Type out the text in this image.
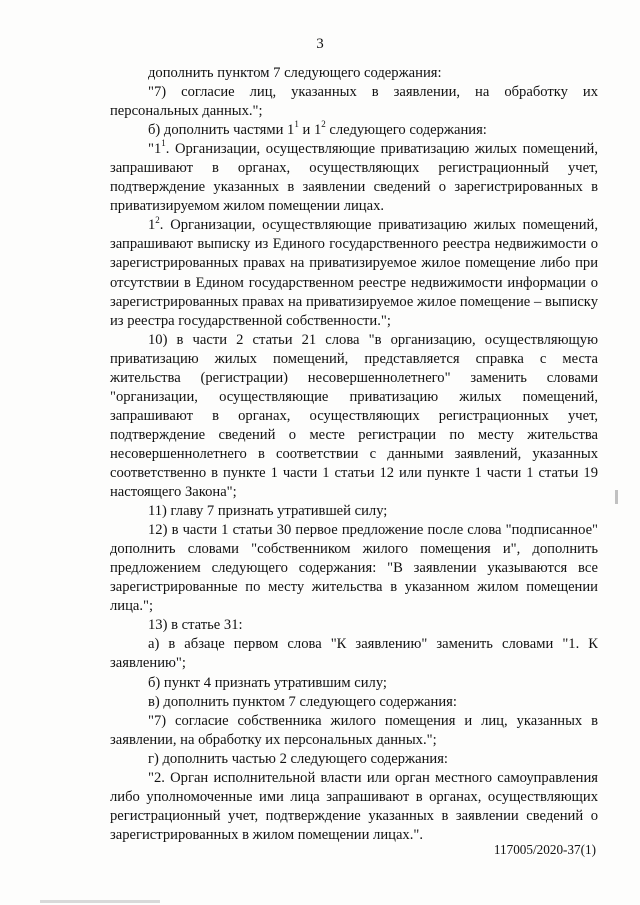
3

дополнить пунктом 7 следующего содержания:

"7) согласие лиц, указанных в заявлении, на обработку их персональных данных.";

б) дополнить частями $1^1$ и $1^2$ следующего содержания:

"$1^1$. Организации, осуществляющие приватизацию жилых помещений, запрашивают в органах, осуществляющих регистрационный учет, подтверждение указанных в заявлении сведений о зарегистрированных в приватизируемом жилом помещении лицах.

$1^2$. Организации, осуществляющие приватизацию жилых помещений, запрашивают выписку из Единого государственного реестра недвижимости о зарегистрированных правах на приватизируемое жилое помещение либо при отсутствии в Едином государственном реестре недвижимости информации о зарегистрированных правах на приватизируемое жилое помещение – выписку из реестра государственной собственности.";

10) в части 2 статьи 21 слова "в организацию, осуществляющую приватизацию жилых помещений, представляется справка с места жительства (регистрации) несовершеннолетнего" заменить словами "организации, осуществляющие приватизацию жилых помещений, запрашивают в органах, осуществляющих регистрационных учет, подтверждение сведений о месте регистрации по месту жительства несовершеннолетнего в соответствии с данными заявлений, указанных соответственно в пункте 1 части 1 статьи 12 или пункте 1 части 1 статьи 19 настоящего Закона";

11) главу 7 признать утратившей силу;

12) в части 1 статьи 30 первое предложение после слова "подписанное" дополнить словами "собственником жилого помещения и", дополнить предложением следующего содержания: "В заявлении указываются все зарегистрированные по месту жительства в указанном жилом помещении лица.";

13) в статье 31:

а) в абзаце первом слова "К заявлению" заменить словами "1. К заявлению";

б) пункт 4 признать утратившим силу;

в) дополнить пунктом 7 следующего содержания:

"7) согласие собственника жилого помещения и лиц, указанных в заявлении, на обработку их персональных данных.";

г) дополнить частью 2 следующего содержания:

"2. Орган исполнительной власти или орган местного самоуправления либо уполномоченные ими лица запрашивают в органах, осуществляющих регистрационный учет, подтверждение указанных в заявлении сведений о зарегистрированных в жилом помещении лицах.".

117005/2020-37(1)
